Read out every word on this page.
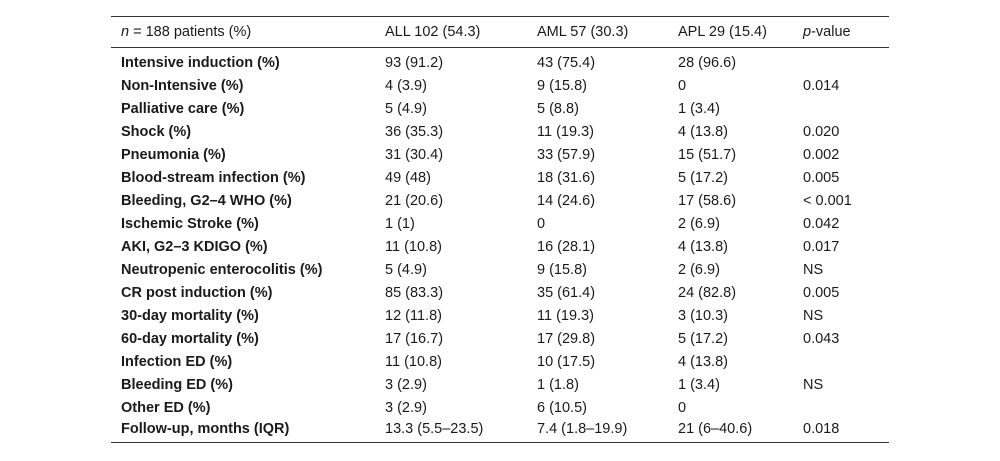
n = 188 patients (%)	ALL 102 (54.3)	AML 57 (30.3)	APL 29 (15.4)	p-value

Intensive induction (%)	93 (91.2)	43 (75.4)	28 (96.6)	
Non-Intensive (%)	4 (3.9)	9 (15.8)	0	0.014
Palliative care (%)	5 (4.9)	5 (8.8)	1 (3.4)	
Shock (%)	36 (35.3)	11 (19.3)	4 (13.8)	0.020
Pneumonia (%)	31 (30.4)	33 (57.9)	15 (51.7)	0.002
Blood-stream infection (%)	49 (48)	18 (31.6)	5 (17.2)	0.005
Bleeding, G2–4 WHO (%)	21 (20.6)	14 (24.6)	17 (58.6)	< 0.001
Ischemic Stroke (%)	1 (1)	0	2 (6.9)	0.042
AKI, G2–3 KDIGO (%)	11 (10.8)	16 (28.1)	4 (13.8)	0.017
Neutropenic enterocolitis (%)	5 (4.9)	9 (15.8)	2 (6.9)	NS
CR post induction (%)	85 (83.3)	35 (61.4)	24 (82.8)	0.005
30-day mortality (%)	12 (11.8)	11 (19.3)	3 (10.3)	NS
60-day mortality (%)	17 (16.7)	17 (29.8)	5 (17.2)	0.043
Infection ED (%)	11 (10.8)	10 (17.5)	4 (13.8)	
Bleeding ED (%)	3 (2.9)	1 (1.8)	1 (3.4)	NS
Other ED (%)	3 (2.9)	6 (10.5)	0	
Follow-up, months (IQR)	13.3 (5.5–23.5)	7.4 (1.8–19.9)	21 (6–40.6)	0.018
